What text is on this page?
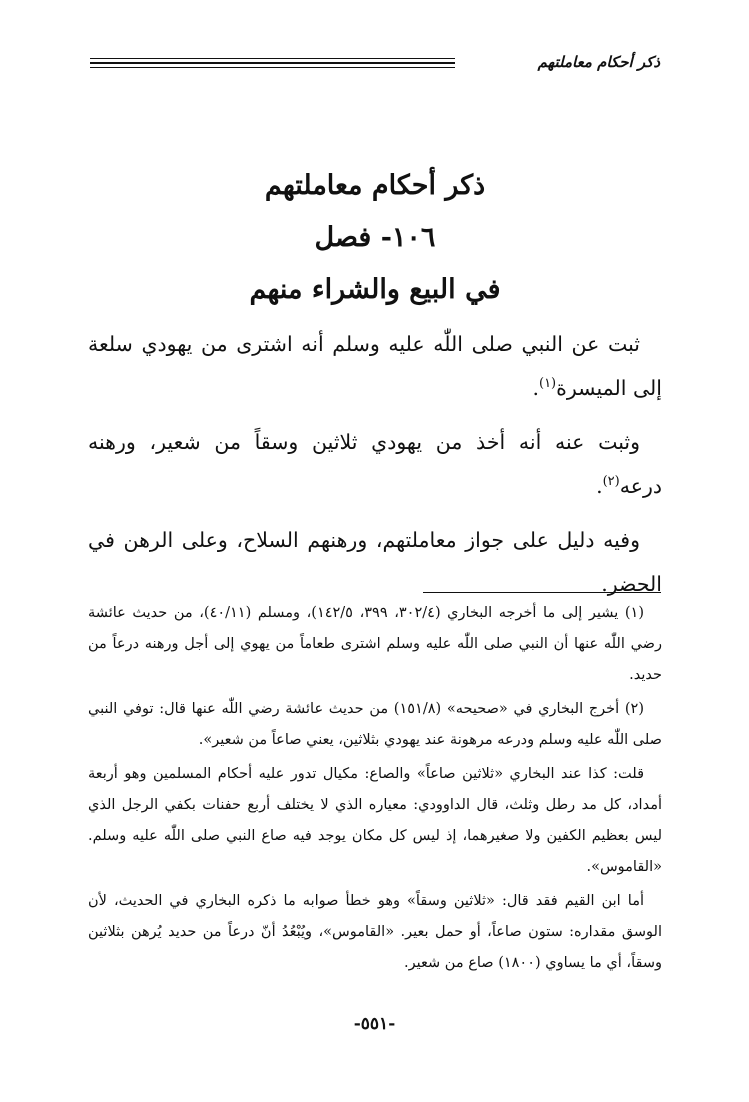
ذكر أحكام معاملتهم
ذكر أحكام معاملتهم
١٠٦- فصل
في البيع والشراء منهم

ثبت عن النبي صلى اللّٰه عليه وسلم أنه اشترى من يهودي سلعة إلى الميسرة$^{(١)}$.

وثبت عنه أنه أخذ من يهودي ثلاثين وسقاً من شعير، ورهنه درعه$^{(٢)}$.

وفيه دليل على جواز معاملتهم، ورهنهم السلاح، وعلى الرهن في الحضر.

(١) يشير إلى ما أخرجه البخاري (٣٠٢/٤، ٣٩٩، ١٤٢/٥)، ومسلم (٤٠/١١)، من حديث عائشة رضي اللّٰه عنها أن النبي صلى اللّٰه عليه وسلم اشترى طعاماً من يهوي إلى أجل ورهنه درعاً من حديد.

(٢) أخرج البخاري في «صحيحه» (١٥١/٨) من حديث عائشة رضي اللّٰه عنها قال: توفي النبي صلى اللّٰه عليه وسلم ودرعه مرهونة عند يهودي بثلاثين، يعني صاعاً من شعير».

قلت: كذا عند البخاري «ثلاثين صاعاً» والصاع: مكيال تدور عليه أحكام المسلمين وهو أربعة أمداد، كل مد رطل وثلث، قال الداوودي: معياره الذي لا يختلف أربع حفنات بكفي الرجل الذي ليس بعظيم الكفين ولا صغيرهما، إذ ليس كل مكان يوجد فيه صاع النبي صلى اللّٰه عليه وسلم. «القاموس».

أما ابن القيم فقد قال: «ثلاثين وسقاً» وهو خطأ صوابه ما ذكره البخاري في الحديث، لأن الوسق مقداره: ستون صاعاً، أو حمل بعير. «القاموس»، ويُبْعُدُ أنّ درعاً من حديد يُرهن بثلاثين وسقاً، أي ما يساوي (١٨٠٠) صاع من شعير.

-٥٥١-
